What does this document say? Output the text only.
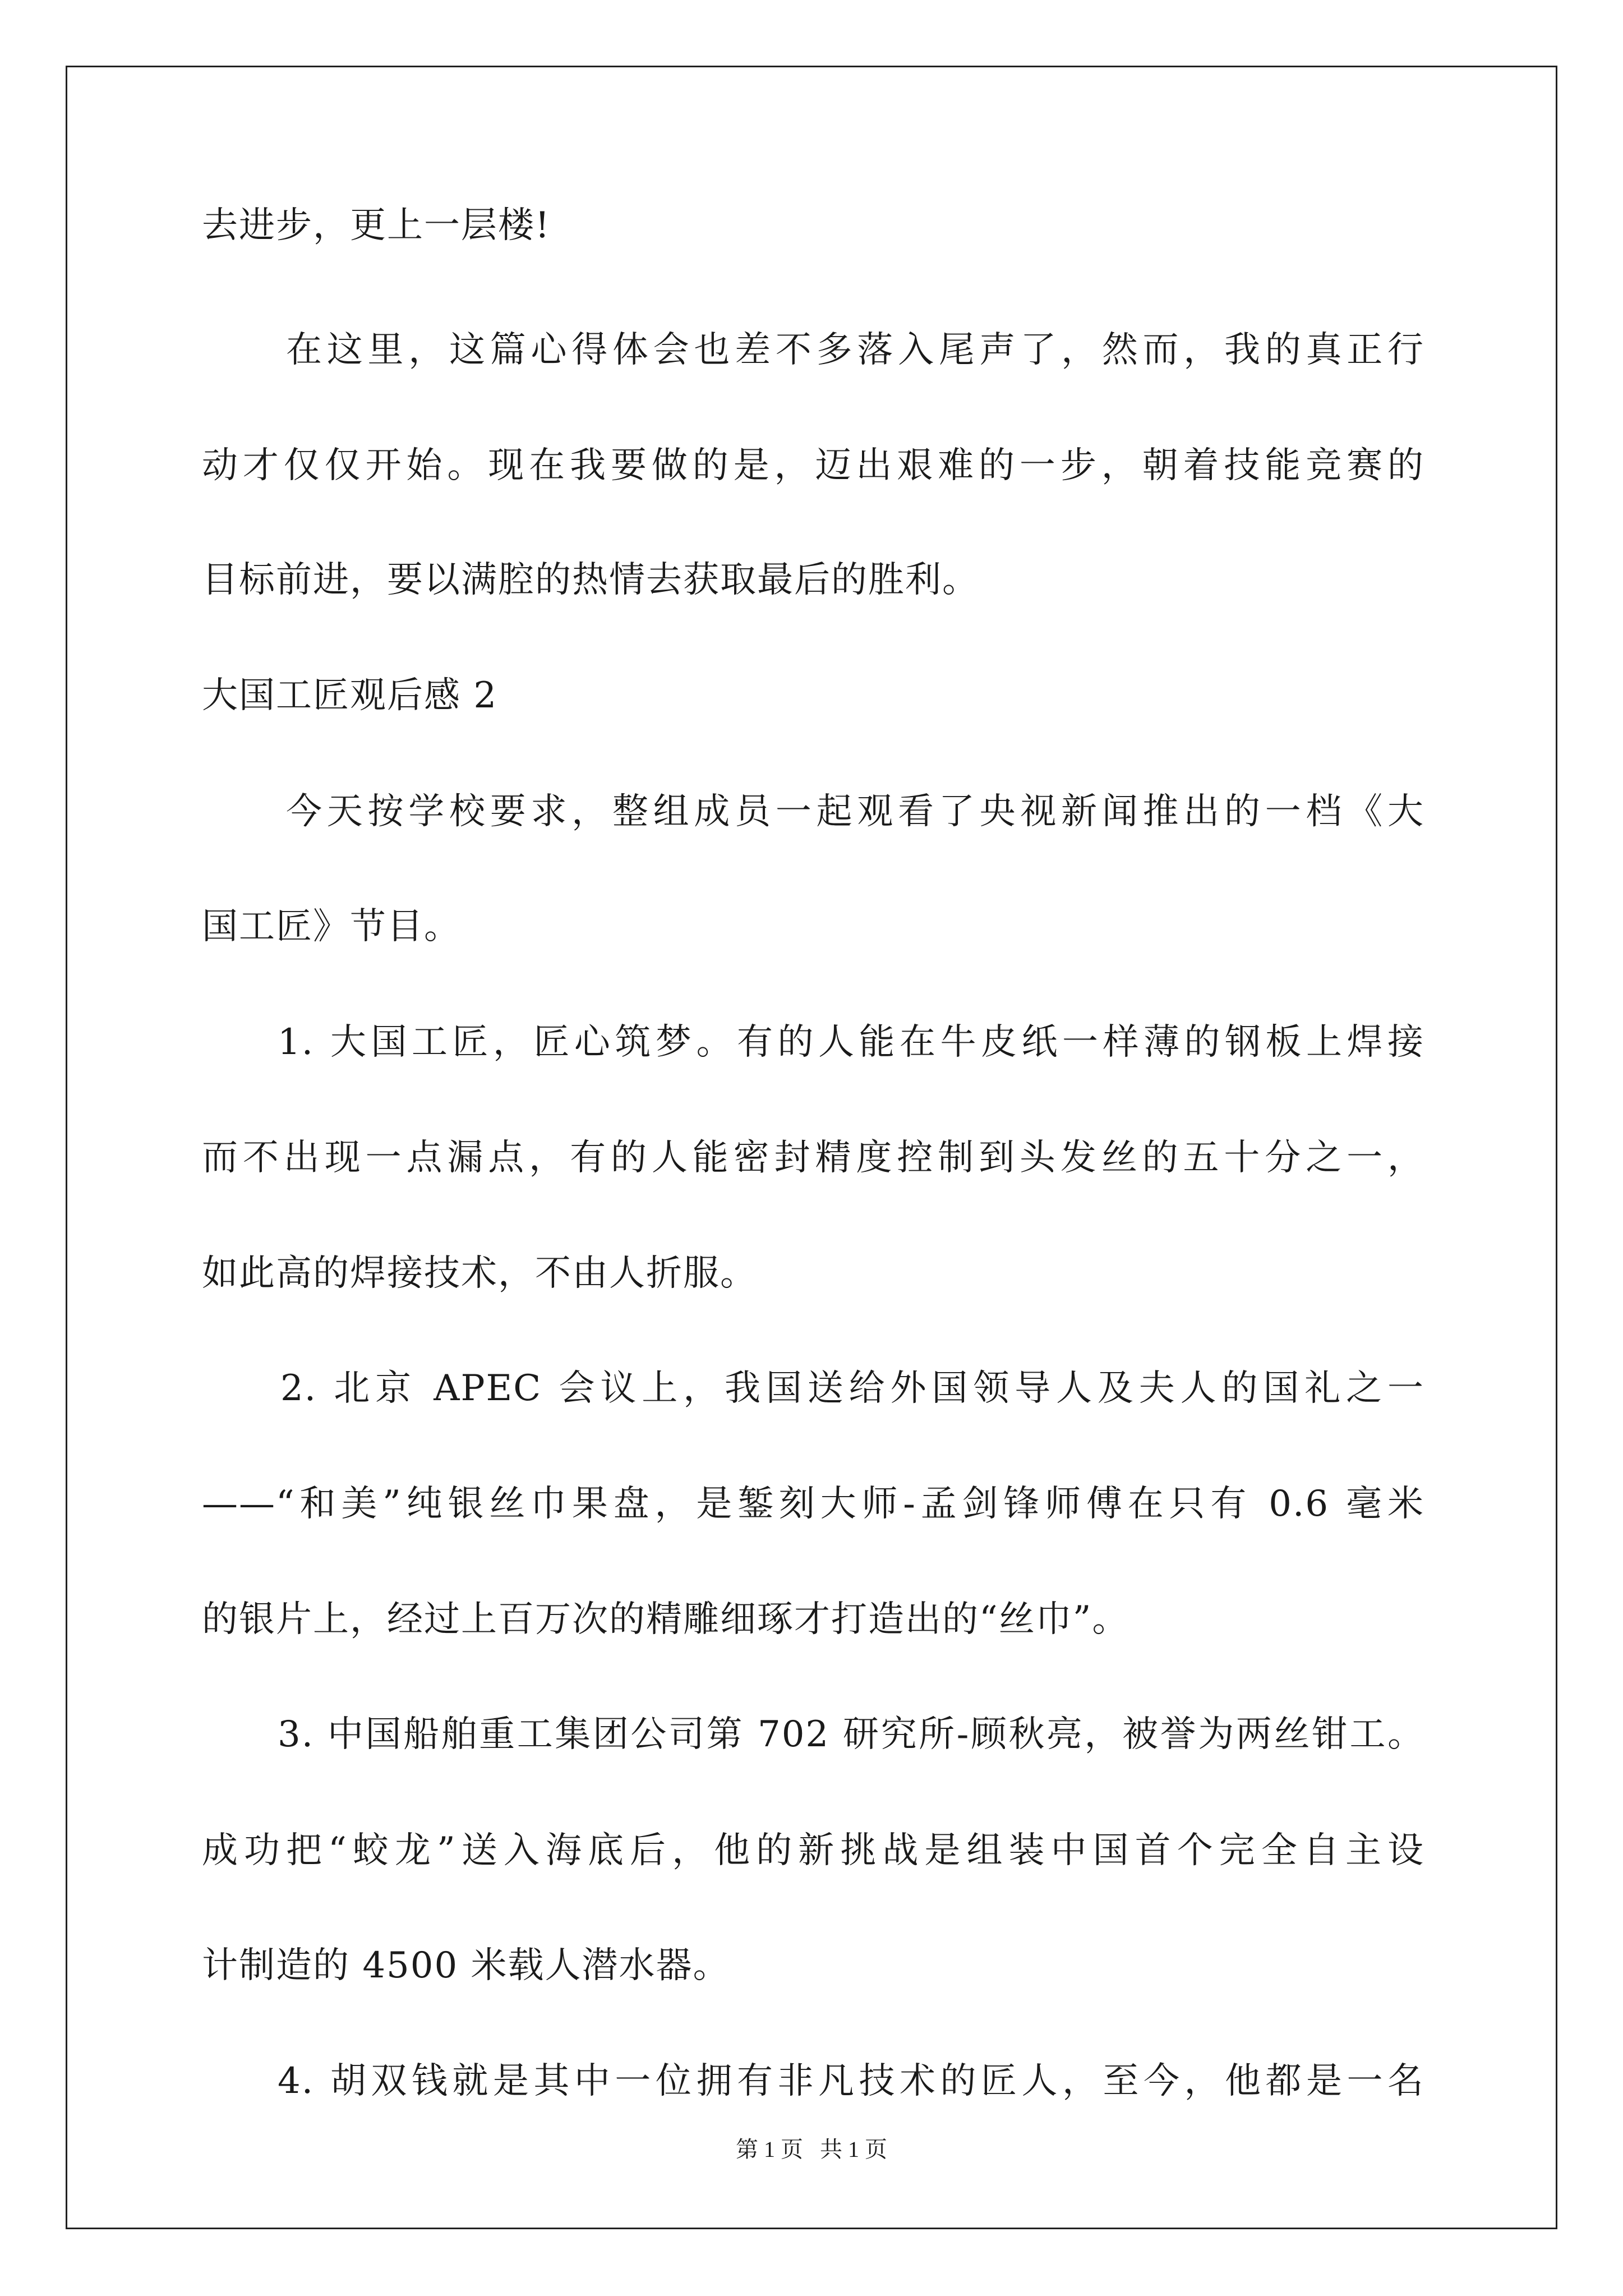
去进步，更上一层楼!
在这里，这篇心得体会也差不多落入尾声了，然而，我的真正行
动才仅仅开始。现在我要做的是，迈出艰难的一步，朝着技能竞赛的
目标前进，要以满腔的热情去获取最后的胜利。
大国工匠观后感 2
今天按学校要求，整组成员一起观看了央视新闻推出的一档《大
国工匠》节目。
1. 大国工匠，匠心筑梦。有的人能在牛皮纸一样薄的钢板上焊接
而不出现一点漏点，有的人能密封精度控制到头发丝的五十分之一，
如此高的焊接技术，不由人折服。
2. 北京 APEC 会议上，我国送给外国领导人及夫人的国礼之一
——“和美”纯银丝巾果盘，是錾刻大师-孟剑锋师傅在只有 0.6 毫米
的银片上，经过上百万次的精雕细琢才打造出的“丝巾”。
3. 中国船舶重工集团公司第 702 研究所-顾秋亮，被誉为两丝钳工。
成功把“蛟龙”送入海底后，他的新挑战是组装中国首个完全自主设
计制造的 4500 米载人潜水器。
4. 胡双钱就是其中一位拥有非凡技术的匠人，至今，他都是一名
第 1 页   共 1 页
